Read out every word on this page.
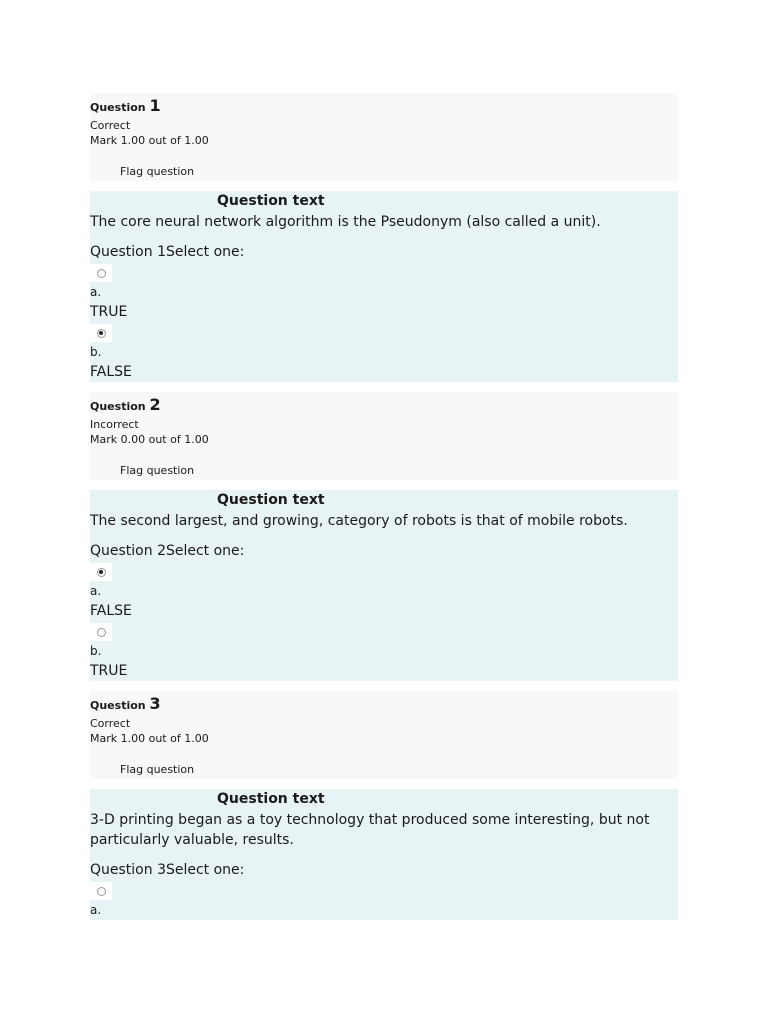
Question 1
Correct
Mark 1.00 out of 1.00
Flag question
Question text
The core neural network algorithm is the Pseudonym (also called a unit).
Question 1Select one:
a.
TRUE
b.
FALSE
Question 2
Incorrect
Mark 0.00 out of 1.00
Flag question
Question text
The second largest, and growing, category of robots is that of mobile robots.
Question 2Select one:
a.
FALSE
b.
TRUE
Question 3
Correct
Mark 1.00 out of 1.00
Flag question
Question text
3-D printing began as a toy technology that produced some interesting, but not particularly valuable, results.
Question 3Select one:
a.
